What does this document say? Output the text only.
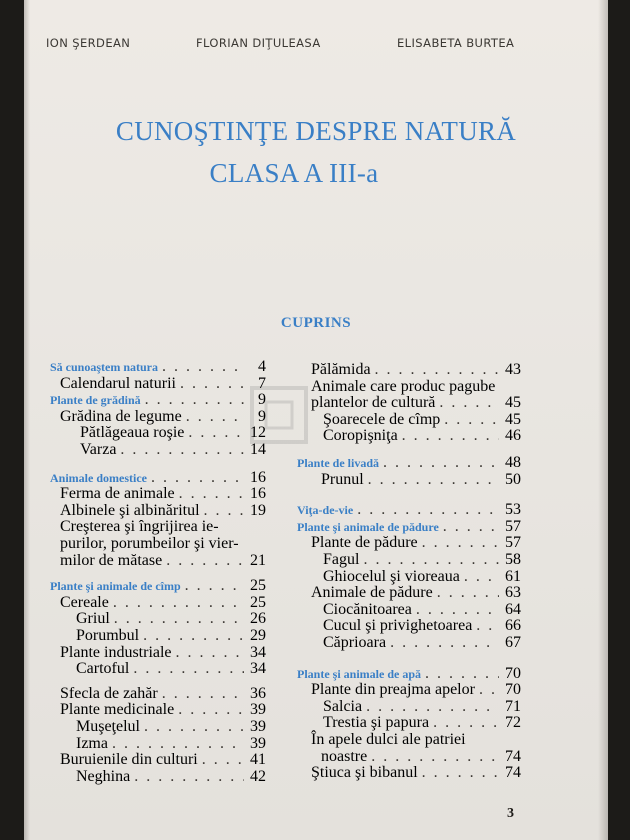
ION ŞERDEAN	FLORIAN DIŢULEASA	ELISABETA BURTEA
CUNOŞTINŢE DESPRE NATURĂ
CLASA A III-a
CUPRINS
Să cunoaştem natura . . .	4
Calendarul naturii . . .	7
Plante de grădină . . .	9
Grădina de legume . . .	9
Pătlăgeaua roşie . . .	12
Varza . . .	14
Animale domestice . . .	16
Ferma de animale . . .	16
Albinele şi albinăritul . . .	19
Creşterea şi îngrijirea ie-
purilor, porumbeilor şi vier-
milor de mătase . . .	21
Plante şi animale de cîmp . . .	25
Cereale . . .	25
Griul . . .	26
Porumbul . . .	29
Plante industriale . . .	34
Cartoful . . .	34
Sfecla de zahăr . . .	36
Plante medicinale . . .	39
Muşeţelul . . .	39
Izma . . .	39
Buruienile din culturi . . .	41
Neghina . . .	42
Pălămida . . .	43
Animale care produc pagube
plantelor de cultură . . .	45
Şoarecele de cîmp . . .	45
Coropişniţa . . .	46
Plante de livadă . . .	48
Prunul . . .	50
Viţa-de-vie . . .	53
Plante şi animale de pădure . . .	57
Plante de pădure . . .	57
Fagul . . .	58
Ghiocelul şi vioreaua . . .	61
Animale de pădure . . .	63
Ciocănitoarea . . .	64
Cucul şi privighetoarea . . .	66
Căprioara . . .	67
Plante şi animale de apă . . .	70
Plante din preajma apelor . . .	70
Salcia . . .	71
Trestia şi papura . . .	72
În apele dulci ale patriei
noastre . . .	74
Ştiuca şi bibanul . . .	74
3
